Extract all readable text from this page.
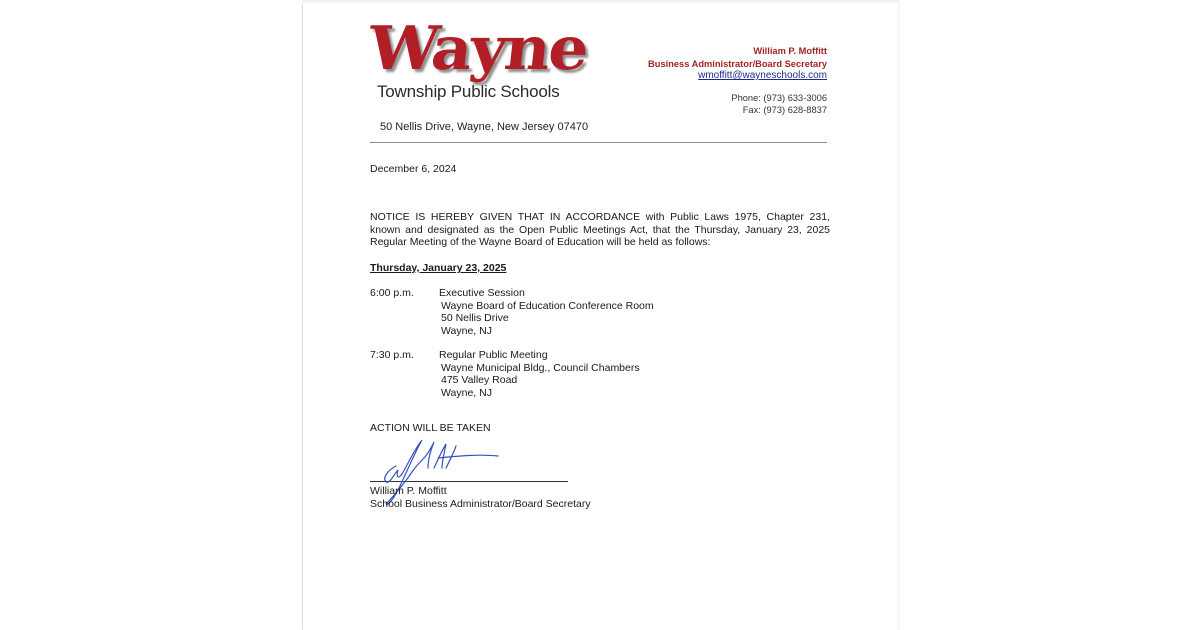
Wayne
Township Public Schools
50 Nellis Drive, Wayne, New Jersey 07470
William P. Moffitt
Business Administrator/Board Secretary
wmoffitt@wayneschools.com
Phone: (973) 633-3006
Fax: (973) 628-8837
December 6, 2024
NOTICE IS HEREBY GIVEN THAT IN ACCORDANCE with Public Laws 1975, Chapter 231, known and designated as the Open Public Meetings Act, that the Thursday, January 23, 2025 Regular Meeting of the Wayne Board of Education will be held as follows:
Thursday, January 23, 2025
6:00 p.m. Executive Session
Wayne Board of Education Conference Room
50 Nellis Drive
Wayne, NJ
7:30 p.m. Regular Public Meeting
Wayne Municipal Bldg., Council Chambers
475 Valley Road
Wayne, NJ
ACTION WILL BE TAKEN
William P. Moffitt
School Business Administrator/Board Secretary
